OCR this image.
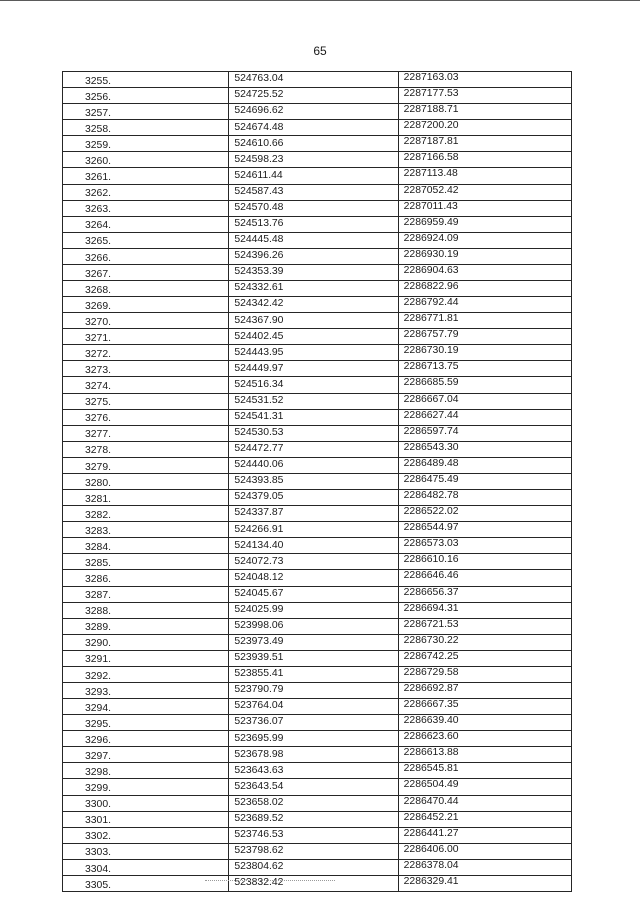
65
3255.	524763.04	2287163.03
3256.	524725.52	2287177.53
3257.	524696.62	2287188.71
3258.	524674.48	2287200.20
3259.	524610.66	2287187.81
3260.	524598.23	2287166.58
3261.	524611.44	2287113.48
3262.	524587.43	2287052.42
3263.	524570.48	2287011.43
3264.	524513.76	2286959.49
3265.	524445.48	2286924.09
3266.	524396.26	2286930.19
3267.	524353.39	2286904.63
3268.	524332.61	2286822.96
3269.	524342.42	2286792.44
3270.	524367.90	2286771.81
3271.	524402.45	2286757.79
3272.	524443.95	2286730.19
3273.	524449.97	2286713.75
3274.	524516.34	2286685.59
3275.	524531.52	2286667.04
3276.	524541.31	2286627.44
3277.	524530.53	2286597.74
3278.	524472.77	2286543.30
3279.	524440.06	2286489.48
3280.	524393.85	2286475.49
3281.	524379.05	2286482.78
3282.	524337.87	2286522.02
3283.	524266.91	2286544.97
3284.	524134.40	2286573.03
3285.	524072.73	2286610.16
3286.	524048.12	2286646.46
3287.	524045.67	2286656.37
3288.	524025.99	2286694.31
3289.	523998.06	2286721.53
3290.	523973.49	2286730.22
3291.	523939.51	2286742.25
3292.	523855.41	2286729.58
3293.	523790.79	2286692.87
3294.	523764.04	2286667.35
3295.	523736.07	2286639.40
3296.	523695.99	2286623.60
3297.	523678.98	2286613.88
3298.	523643.63	2286545.81
3299.	523643.54	2286504.49
3300.	523658.02	2286470.44
3301.	523689.52	2286452.21
3302.	523746.53	2286441.27
3303.	523798.62	2286406.00
3304.	523804.62	2286378.04
3305.	523832.42	2286329.41
